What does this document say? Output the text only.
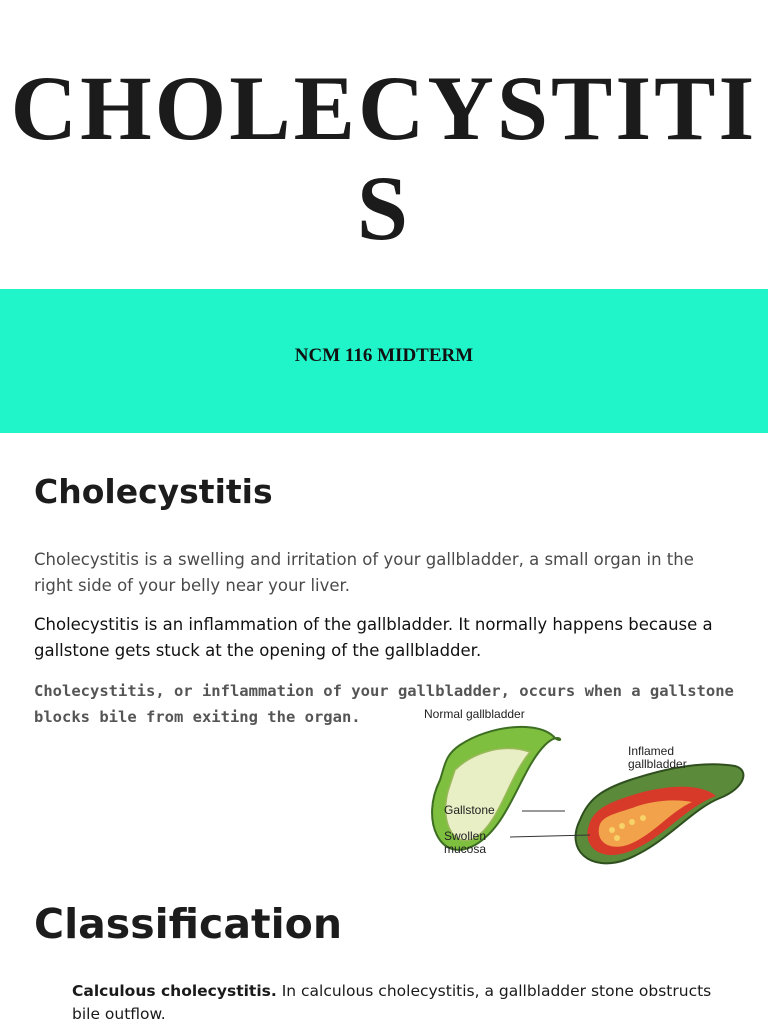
CHOLECYSTITI
S
NCM 116 MIDTERM
Cholecystitis
Cholecystitis is a swelling and irritation of your gallbladder, a small organ in the right side of your belly near your liver.
Cholecystitis is an inflammation of the gallbladder. It normally happens because a gallstone gets stuck at the opening of the gallbladder.
Cholecystitis, or inflammation of your gallbladder, occurs when a gallstone blocks bile from exiting the organ.	Normal gallbladder
Inflamed
gallbladder
Gallstone
Swollen
mucosa
Classification
Calculous cholecystitis. In calculous cholecystitis, a gallbladder stone obstructs bile outflow.
